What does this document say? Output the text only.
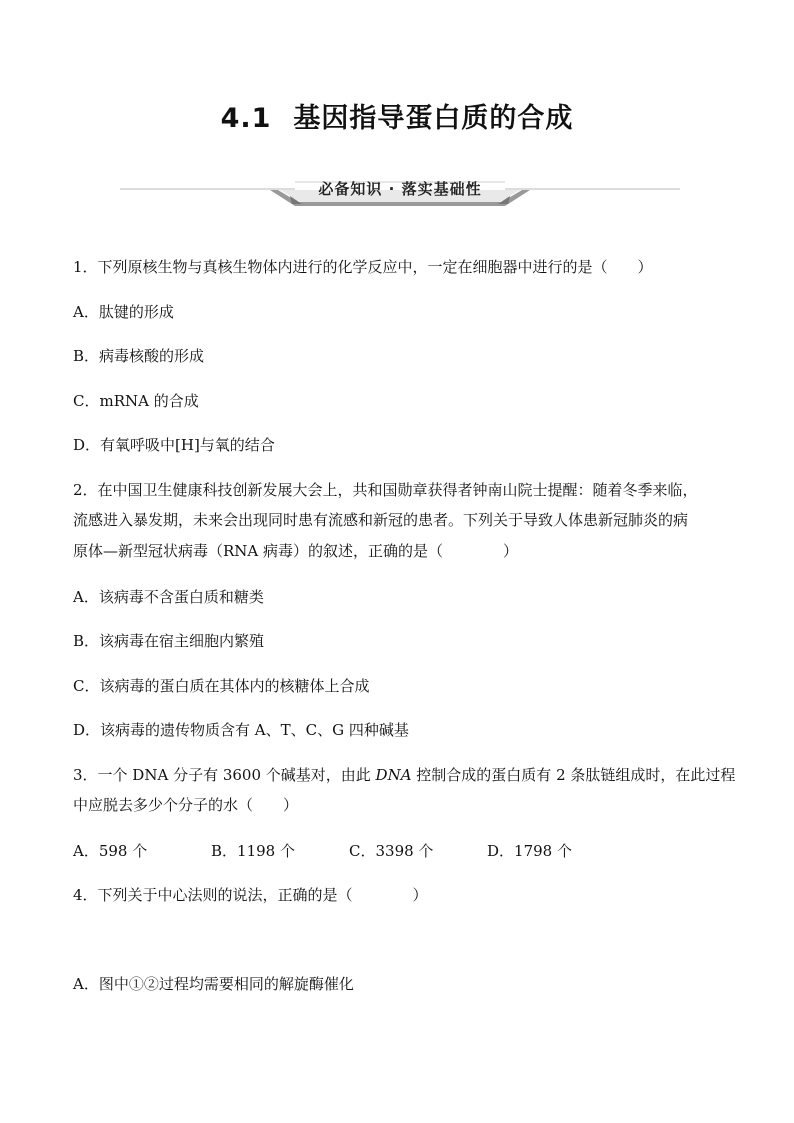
4.1 基因指导蛋白质的合成
必备知识 · 落实基础性
1．下列原核生物与真核生物体内进行的化学反应中，一定在细胞器中进行的是（　　）
A．肽键的形成
B．病毒核酸的形成
C．mRNA 的合成
D．有氧呼吸中[H]与氧的结合
2．在中国卫生健康科技创新发展大会上，共和国勋章获得者钟南山院士提醒：随着冬季来临，
流感进入暴发期，未来会出现同时患有流感和新冠的患者。下列关于导致人体患新冠肺炎的病
原体—新型冠状病毒（RNA 病毒）的叙述，正确的是（　　　　）
A．该病毒不含蛋白质和糖类
B．该病毒在宿主细胞内繁殖
C．该病毒的蛋白质在其体内的核糖体上合成
D．该病毒的遗传物质含有 A、T、C、G 四种碱基
3．一个 DNA 分子有 3600 个碱基对，由此 DNA 控制合成的蛋白质有 2 条肽链组成时，在此过程
中应脱去多少个分子的水（　　）
A．598 个	B．1198 个	C．3398 个	D．1798 个
4．下列关于中心法则的说法，正确的是（　　　　）
A．图中①②过程均需要相同的解旋酶催化
